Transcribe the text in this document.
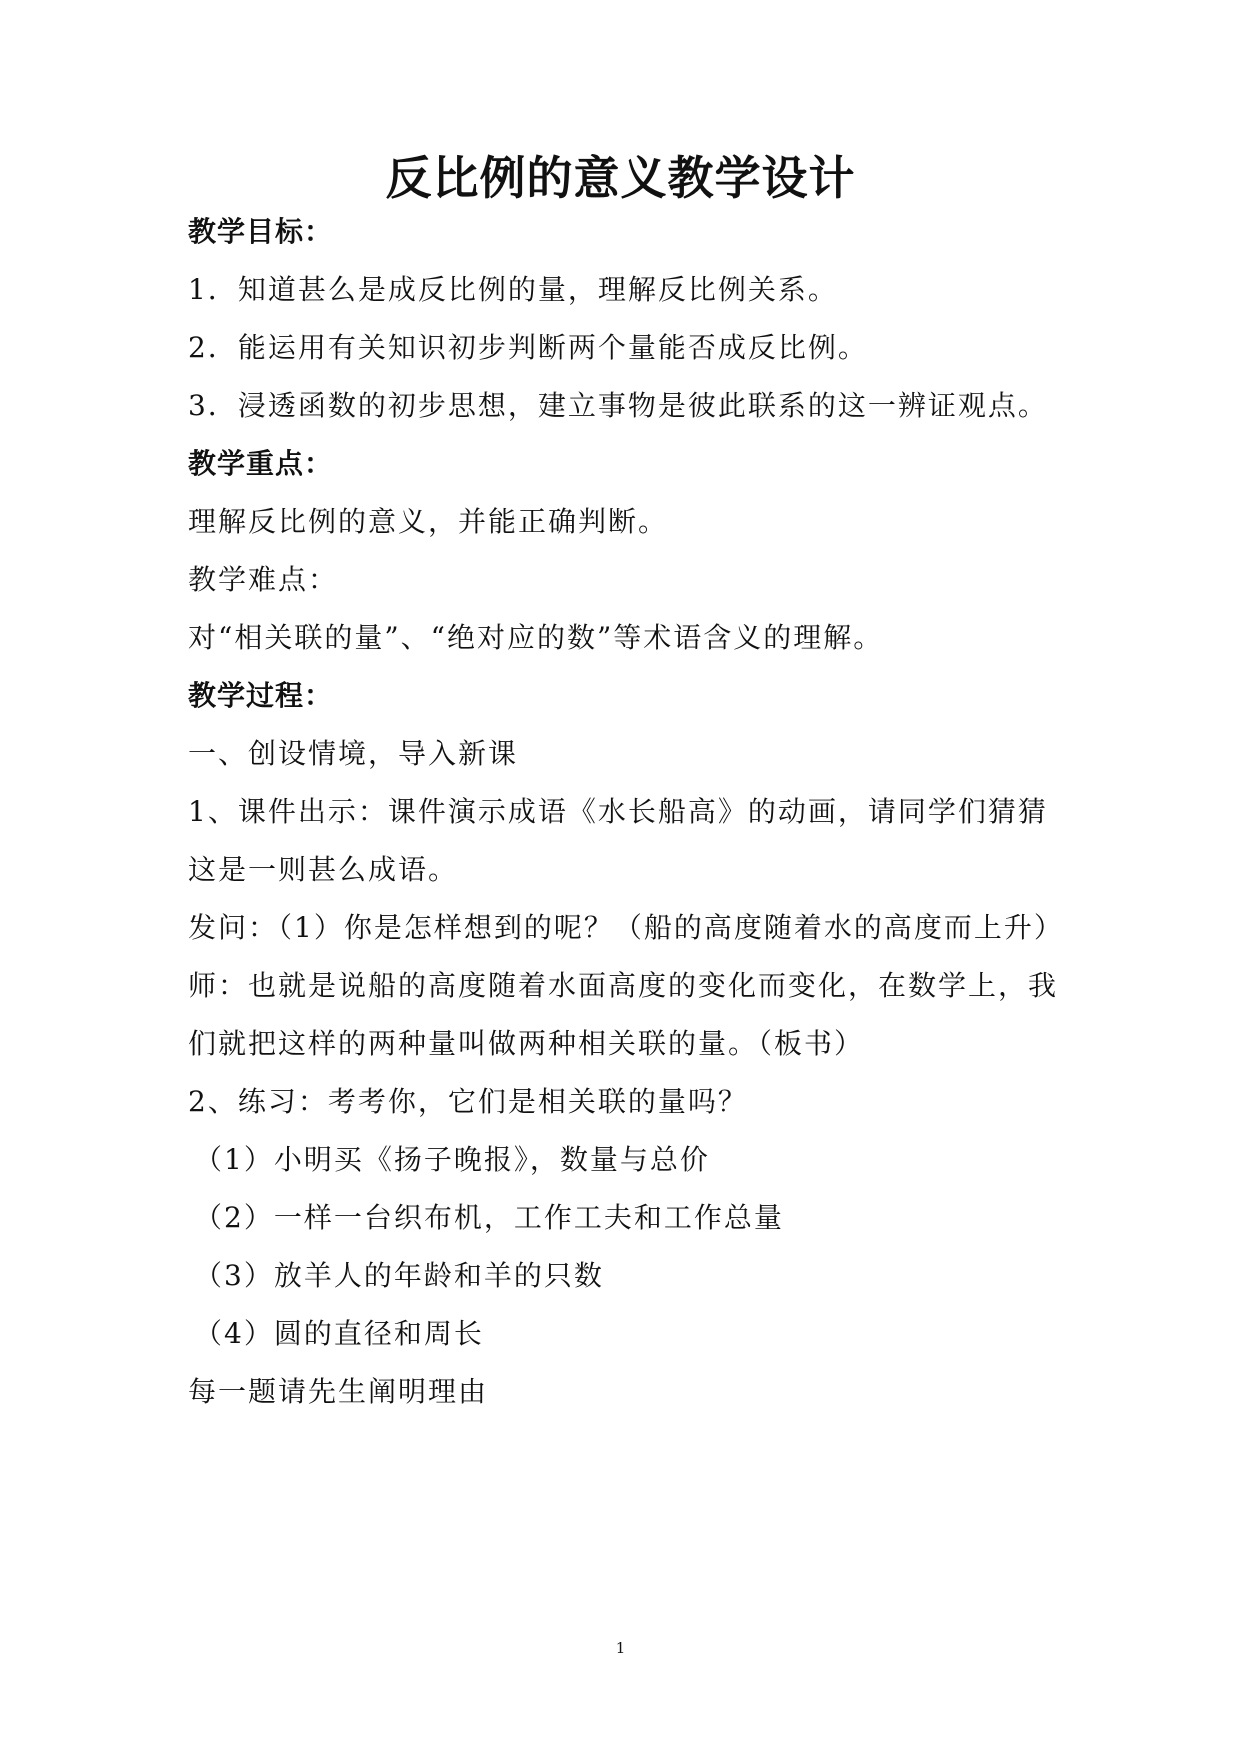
反比例的意义教学设计
教学目标：
1．知道甚么是成反比例的量，理解反比例关系。
2．能运用有关知识初步判断两个量能否成反比例。
3．浸透函数的初步思想，建立事物是彼此联系的这一辨证观点。
教学重点：
理解反比例的意义，并能正确判断。
教学难点：
对“相关联的量”、“绝对应的数”等术语含义的理解。
教学过程：
一、创设情境，导入新课
1、课件出示：课件演示成语《水长船高》的动画，请同学们猜猜
这是一则甚么成语。
发问：（1）你是怎样想到的呢？（船的高度随着水的高度而上升）
师：也就是说船的高度随着水面高度的变化而变化，在数学上，我
们就把这样的两种量叫做两种相关联的量。（板书）
2、练习：考考你，它们是相关联的量吗？
（1）小明买《扬子晚报》，数量与总价
（2）一样一台织布机，工作工夫和工作总量
（3）放羊人的年龄和羊的只数
（4）圆的直径和周长
每一题请先生阐明理由
1
